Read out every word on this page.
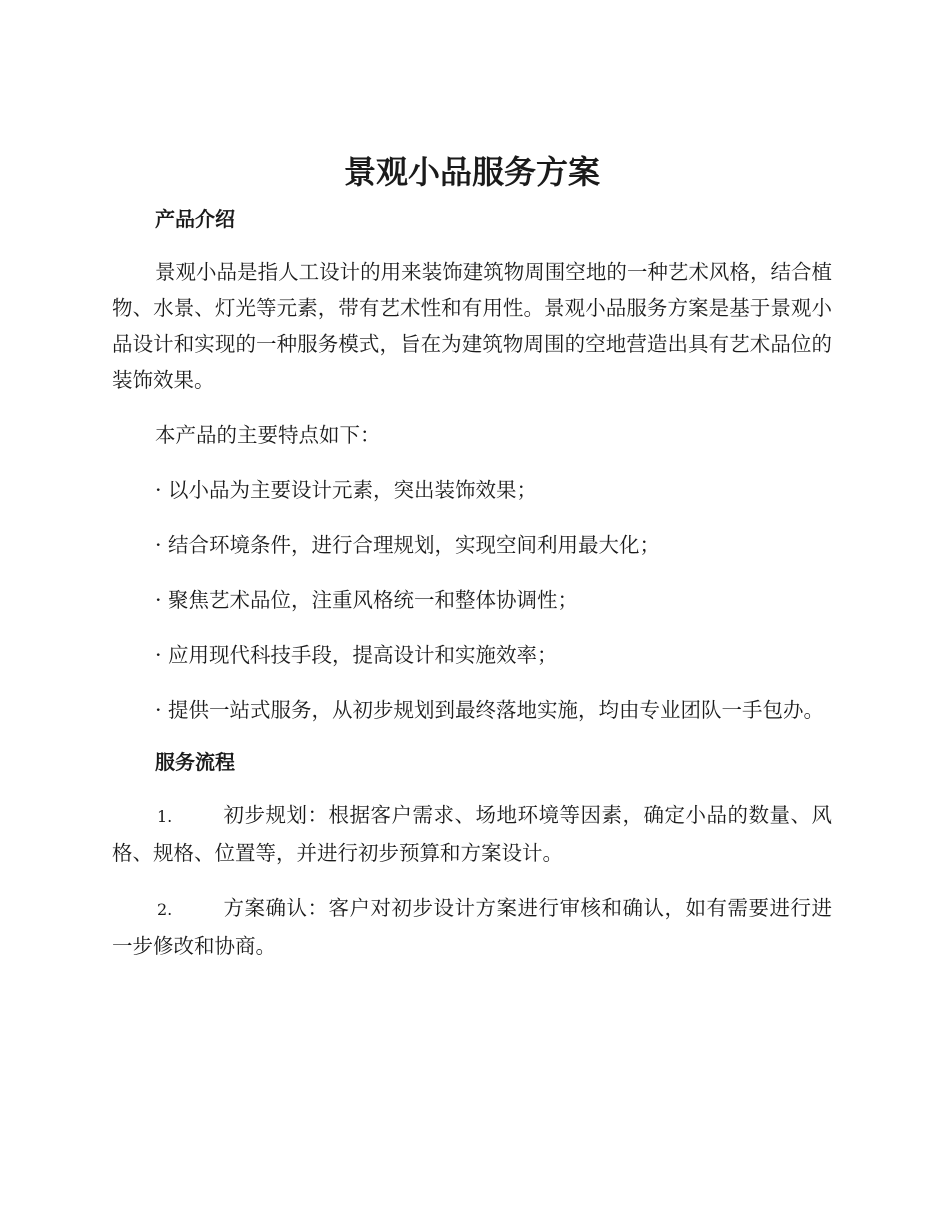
景观小品服务方案
产品介绍

景观小品是指人工设计的用来装饰建筑物周围空地的一种艺术风格，结合植物、水景、灯光等元素，带有艺术性和有用性。景观小品服务方案是基于景观小品设计和实现的一种服务模式，旨在为建筑物周围的空地营造出具有艺术品位的装饰效果。

本产品的主要特点如下：

· 以小品为主要设计元素，突出装饰效果；

· 结合环境条件，进行合理规划，实现空间利用最大化；

· 聚焦艺术品位，注重风格统一和整体协调性；

· 应用现代科技手段，提高设计和实施效率；

· 提供一站式服务，从初步规划到最终落地实施，均由专业团队一手包办。

服务流程

1. 初步规划：根据客户需求、场地环境等因素，确定小品的数量、风格、规格、位置等，并进行初步预算和方案设计。

2. 方案确认：客户对初步设计方案进行审核和确认，如有需要进行进一步修改和协商。
